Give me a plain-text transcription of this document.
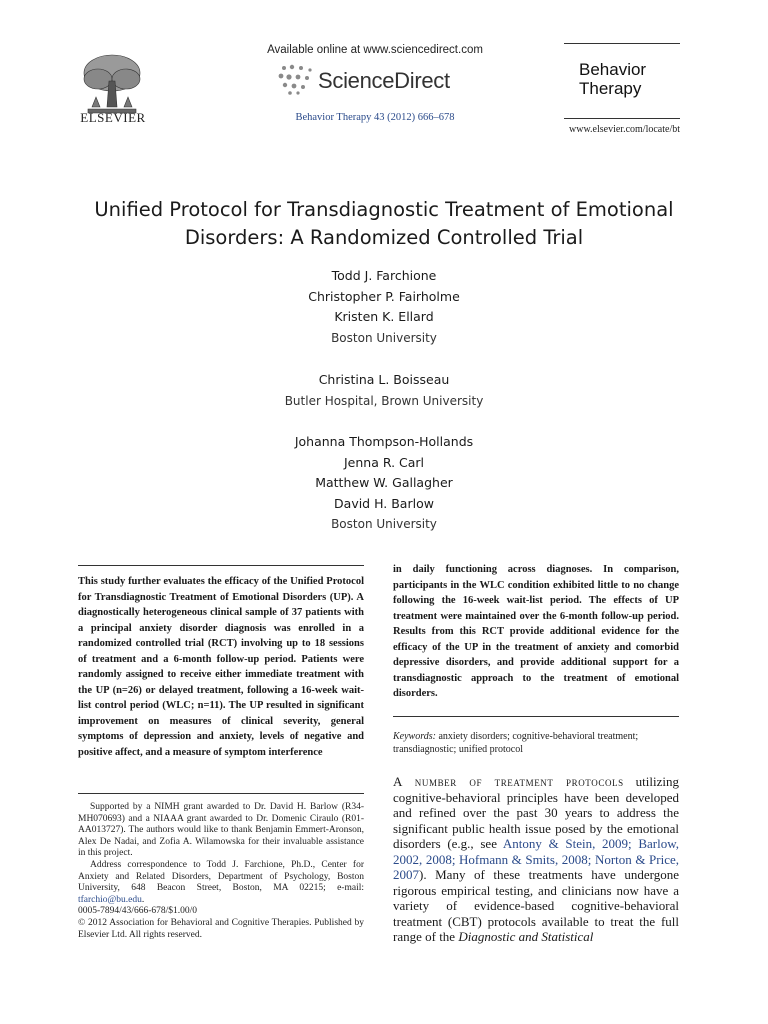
ELSEVIER
Available online at www.sciencedirect.com
ScienceDirect
Behavior Therapy 43 (2012) 666–678
Behavior
Therapy
www.elsevier.com/locate/bt
Unified Protocol for Transdiagnostic Treatment of Emotional
Disorders: A Randomized Controlled Trial
Todd J. Farchione
Christopher P. Fairholme
Kristen K. Ellard
Boston University
Christina L. Boisseau
Butler Hospital, Brown University
Johanna Thompson-Hollands
Jenna R. Carl
Matthew W. Gallagher
David H. Barlow
Boston University
This study further evaluates the efficacy of the Unified Protocol for Transdiagnostic Treatment of Emotional Disorders (UP). A diagnostically heterogeneous clinical sample of 37 patients with a principal anxiety disorder diagnosis was enrolled in a randomized controlled trial (RCT) involving up to 18 sessions of treatment and a 6-month follow-up period. Patients were randomly assigned to receive either immediate treatment with the UP (n=26) or delayed treatment, following a 16-week wait-list control period (WLC; n=11). The UP resulted in significant improvement on measures of clinical severity, general symptoms of depression and anxiety, levels of negative and positive affect, and a measure of symptom interference
in daily functioning across diagnoses. In comparison, participants in the WLC condition exhibited little to no change following the 16-week wait-list period. The effects of UP treatment were maintained over the 6-month follow-up period. Results from this RCT provide additional evidence for the efficacy of the UP in the treatment of anxiety and comorbid depressive disorders, and provide additional support for a transdiagnostic approach to the treatment of emotional disorders.
Keywords: anxiety disorders; cognitive-behavioral treatment; transdiagnostic; unified protocol

Supported by a NIMH grant awarded to Dr. David H. Barlow (R34-MH070693) and a NIAAA grant awarded to Dr. Domenic Ciraulo (R01-AA013727). The authors would like to thank Benjamin Emmert-Aronson, Alex De Nadai, and Zofia A. Wilamowska for their invaluable assistance in this project.

Address correspondence to Todd J. Farchione, Ph.D., Center for Anxiety and Related Disorders, Department of Psychology, Boston University, 648 Beacon Street, Boston, MA 02215; e-mail: tfarchio@bu.edu.

0005-7894/43/666-678/$1.00/0

© 2012 Association for Behavioral and Cognitive Therapies. Published by Elsevier Ltd. All rights reserved.

A number of treatment protocols utilizing cognitive-behavioral principles have been developed and refined over the past 30 years to address the significant public health issue posed by the emotional disorders (e.g., see Antony & Stein, 2009; Barlow, 2002, 2008; Hofmann & Smits, 2008; Norton & Price, 2007). Many of these treatments have undergone rigorous empirical testing, and clinicians now have a variety of evidence-based cognitive-behavioral treatment (CBT) protocols available to treat the full range of the Diagnostic and Statistical
